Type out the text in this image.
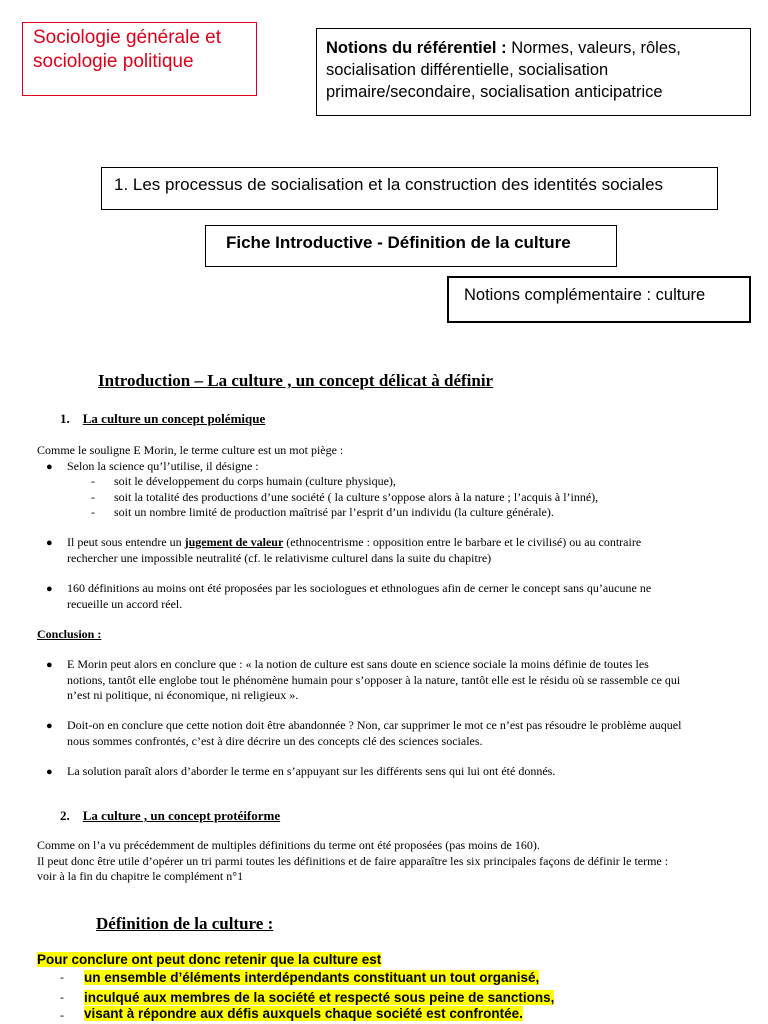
Sociologie générale et
sociologie politique
Notions du référentiel : Normes, valeurs, rôles,
socialisation différentielle, socialisation
primaire/secondaire, socialisation anticipatrice
1. Les processus de socialisation et la construction des identités sociales
Fiche Introductive - Définition de la culture
Notions complémentaire : culture
Introduction – La culture , un concept délicat à définir
1. La culture un concept polémique
Comme le souligne E Morin, le terme culture est un mot piège :
● Selon la science qu’l’utilise, il désigne :
- soit le développement du corps humain (culture physique),
- soit la totalité des productions d’une société ( la culture s’oppose alors à la nature ; l’acquis à l’inné),
- soit un nombre limité de production maîtrisé par l’esprit d’un individu (la culture générale).
● Il peut sous entendre un jugement de valeur (ethnocentrisme : opposition entre le barbare et le civilisé) ou au contraire
rechercher une impossible neutralité (cf. le relativisme culturel dans la suite du chapitre)
● 160 définitions au moins ont été proposées par les sociologues et ethnologues afin de cerner le concept sans qu’aucune ne
recueille un accord réel.
Conclusion :
● E Morin peut alors en conclure que : « la notion de culture est sans doute en science sociale la moins définie de toutes les
notions, tantôt elle englobe tout le phénomène humain pour s’opposer à la nature, tantôt elle est le résidu où se rassemble ce qui
n’est ni politique, ni économique, ni religieux ».
● Doit-on en conclure que cette notion doit être abandonnée ? Non, car supprimer le mot ce n’est pas résoudre le problème auquel
nous sommes confrontés, c’est à dire décrire un des concepts clé des sciences sociales.
● La solution paraît alors d’aborder le terme en s’appuyant sur les différents sens qui lui ont été donnés.
2. La culture , un concept protéiforme
Comme on l’a vu précédemment de multiples définitions du terme ont été proposées (pas moins de 160).
Il peut donc être utile d’opérer un tri parmi toutes les définitions et de faire apparaître les six principales façons de définir le terme :
voir à la fin du chapitre le complément n°1
Définition de la culture :
Pour conclure ont peut donc retenir que la culture est
- un ensemble d’éléments interdépendants constituant un tout organisé,
- inculqué aux membres de la société et respecté sous peine de sanctions,
- visant à répondre aux défis auxquels chaque société est confrontée.
